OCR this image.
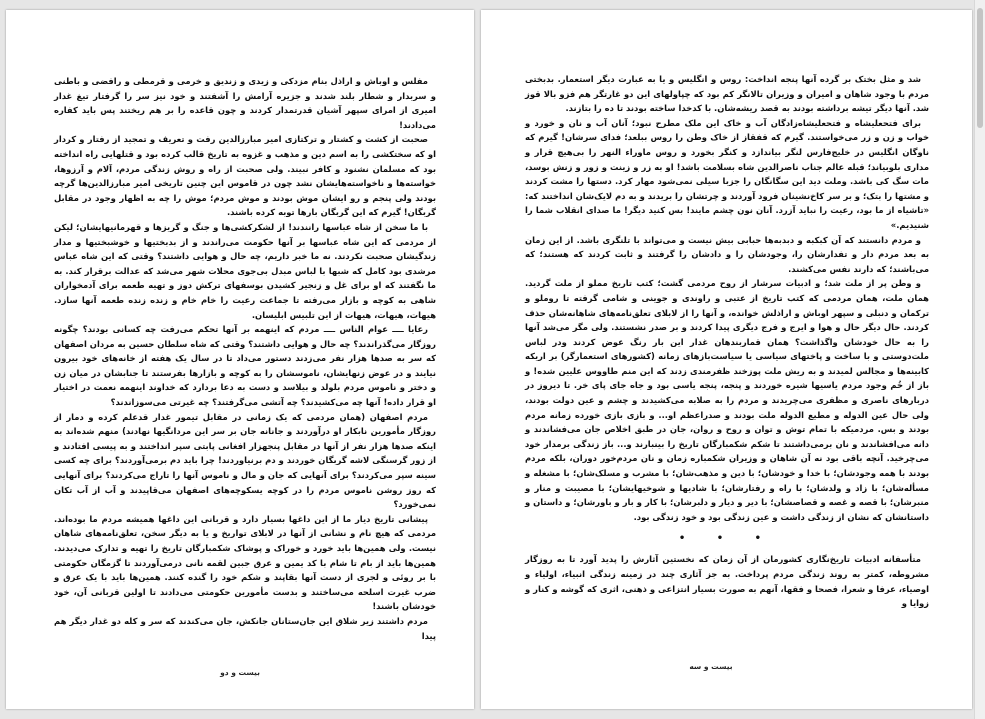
مفلس و اوباش و اراذل بنام مزدکی و زیدی و زندیق و خرمی و قرمطی و رافضی و باطنی و سربدار و شطار بلند شدند و جزیره آرامش را آشفتند و خود نیز سر را گرفتار تیغ غدار امیری از امرای سپهر آشیان قدرتمدار کردند و چون قاعده را بر هم ریختند پس باید کفاره می‌دادند!

صحبت از کشت و کشتار و ترکتازی امیر مبارزالدین رفت و تعریف و تمجید از رفتار و کردار او که سختکشی را به اسم دین و مذهب و غزوه به تاریخ قالب کرده بود و قتلهایی راه انداخته بود که مسلمان نشنود و کافر نبیند. ولی صحبت از راه و روش زندگی مردم، آلام و آرزوها، خواسته‌ها و ناخواسته‌هایشان نشد چون در قاموس این چنین تاریخی امیر مبارزالدین‌ها گرچه بودند ولی پنجم و رو ایشان موش بودند و موش مردم؛ موش را چه به اظهار وجود در مقابل گربگان! گیرم که این گربگان بارها توبه کرده باشند.

با ما سخن از شاه عباسها رانندند! از لشکرکشی‌ها و جنگ و گریزها و قهرمانیهایشان؛ لیکن از مردمی که این شاه عباسها بر آنها حکومت می‌راندند و از بدبختیها و خوشبختیها و مدار زندگیشان صحبت نکردند. نه ما خبر داریم، چه حال و هوایی داشتند؟ وقتی که این شاه عباس مرشدی بود کامل که شبها با لباس مبدل بی‌جوی محلات شهر می‌شد که عدالت برقرار کند. به ما نگفتند که او برای غل و زنجیر کشیدن بوسفهای ترکش دوز و تهیه طعمه برای آدمخواران شاهی به کوچه و بازار می‌رفته تا جماعت رعیت را خام خام و زنده زنده طعمه آنها سازد. هیهات، هیهات، هیهات از این تلبیس ابلیسان.

رعایا ــــ عوام الناس ــــ مردم که اینهمه بر آنها تحکم می‌رفت چه کسانی بودند؟ چگونه روزگار می‌گذراندند؟ چه حال و هوایی داشتند؟ وقتی که شاه سلطان حسین به مردان اصفهان که سر به صدها هزار نفر می‌زدند دستور می‌داد تا در سال یک هفته از خانه‌های خود بیرون نیایند و در عوض زنهایشان، ناموسشان را به کوچه و بازارها بفرستند تا جنابشان در میان زن و دختر و ناموس مردم بلولد و بیلاسد و دست به دعا بردارد که خداوند اینهمه نعمت در اختیار او قرار داده! آنها چه می‌کشیدند؟ چه آتشی می‌گرفتند؟ چه غیرتی می‌سوزاندند؟

مردم اصفهان (همان مردمی که یک زمانی در مقابل تیمور غدار قدعلم کرده و دمار از روزگار مأمورین نابکار او درآوردند و جانانه جان بر سر این مردانگیها نهادند) منهم شده‌اند به اینکه صدها هزار نفر از آنها در مقابل پنجهزار افغانی پابتی سپر انداختند و به پیسی افتادند و از زور گرسنگی لاشه گربگان خوردند و دم برنیاوردند! چرا باید دم برمی‌آوردند؟ برای چه کسی سینه سپر می‌کردند؟ برای آنهایی که جان و مال و ناموس آنها را تاراج می‌کردند؟ برای آنهایی که روز روشن ناموس مردم را در کوچه یسکوچه‌های اصفهان می‌قاپیدند و آب از آب تکان نمی‌خورد؟

پیشانی تاریخ دیار ما از این داغها بسیار دارد و قربانی این داغها همیشه مردم ما بوده‌اند. مردمی که هیچ نام و نشانی از آنها در لابلای تواریخ و یا به دیگر سخن، تعلق‌نامه‌های شاهان نیست. ولی همین‌ها باید خورد و خوراک و پوشاک شکمبارگان تاریخ را تهیه و تدارک می‌دیدند. همین‌ها باید از بام تا شام با کد یمین و عرق جبین لقمه نانی درمی‌آوردند تا گزمگان حکومتی با بر روئی و لجری از دست آنها بقاپند و شکم خود را گنده کنند. همین‌ها باید با یک عرق و ضرب غیرت اسلحه می‌ساختند و بدست مأمورین حکومتی می‌دادند تا اولین قربانی آن، خود خودشان باشند!

مردم داشتند زیر شلاق این جان‌ستانان جانکش، جان می‌کندند که سر و کله دو غدار دیگر هم پیدا

بیست و دو

شد و مثل بختک بر گرده آنها پنجه انداخت: روس و انگلیس و یا به عبارت دیگر استعمار. بدبختی مردم با وجود شاهان و امیران و وزیران تالانگر کم بود که چپاولهای این دو غارتگر هم فزو بالا قوز شد. آنها دیگر تیشه برداشته بودند به قصد ریشه‌شان. با کدخدا ساخته بودند تا ده را بتازند.

برای فتحعلیشاه و فتحعلیشاه‌زادگان آب و خاک این ملک مطرح نبود؛ آنان آب و نان و خورد و خواب و زن و زر می‌خواستند. گیرم که قفقاز از خاک وطن را روس ببلعد؛ فدای سرشان! گیرم که ناوگان انگلیس در خلیج‌فارس لنگر بیاندازد و کنگر بخورد و روس ماوراء النهر را بی‌هیچ قرار و مداری بلوبیاند؛ قبله عالم جناب ناصرالدین شاه بسلامت باشد! او به زر و زینت و زور و زنش بوسد، مات سگ کی باشد. وملت دید این سگانگان را جزبا سیلی نمی‌شود مهار کرد. دستها را مشت کردند و مشتها را بتک؛ و بر سر کاخ‌نشینان فرود آوردند و چرتشان را بریدند و به دم لایک‌شان انداختند که: «تاشیاه از ما بود، رعیت را نباید آزرد. آنان نون چشم مایند! بس کنید دیگر! ما صدای انقلاب شما را شنیدیم.»

و مردم دانستند که آن کبکبه و دبدبه‌ها حبابی بیش نیست و می‌تواند با تلنگری باشد. از این زمان به بعد مردم دار و تفدارشان را، وجودشان را و دادشان را گرفتند و ثابت کردند که هستند؛ که می‌باشند؛ که دارند نفس می‌کشند.

و وطن پر از ملت شد؛ و ادبیات سرشار از روح مردمی گشت؛ کتب تاریخ مملو از ملت گردید. همان ملت، همان مردمی که کتب تاریخ از عتبی و راوندی و جوینی و شامی گرفته تا روملو و ترکمان و دنبلی و سپهر اوباش و اراذلش خوانده، و آنها را از لابلای تعلق‌نامه‌های شاهانه‌شان حذف کردند. حال دیگر حال و هوا و ایرج و فرج دیگری پیدا کردند و بر صدر نشستند. ولی مگر می‌شد آنها را به حال خودشان واگذاشت؟ همان قماربندهان غدار این بار رنگ عوض کردند ودر لباس ملت‌دوستی و با ساخت و پاختهای سیاسی یا سیاست‌بازهای زمانه (کشورهای استعمارگر) بر اریکه کابینه‌ها و مجالس لمیدند و به ریش ملت پوزخند ظفرمندی زدند که این منم طاووس علیین شده! و باز از خُم وجود مردم یاسیها شیره خوردند و پنجه، پنجه یاسی بود و جاه جای پای خر. تا دیروز در دربارهای ناصری و مظفری می‌چریدند و مردم را به صلابه می‌کشیدند و چشم و عین دولت بودند، ولی حال عین الدوله و مطیع الدوله ملت بودند و صدراعظم او... و بازی بازی خورده زمانه مردم بودند و بس. مردمیکه با تمام توش و توان و روح و روان، جان در طبق اخلاص جان می‌فشاندند و دانه می‌افشاندند و نان برمی‌داشتند تا شکم شکمبارگان تاریخ را بینبارند و... باز زندگی برمدار خود می‌چرخید. آنچه باقی بود نه آن شاهان و وزیران شکمباره زمان و نان مردم‌خور دوران، بلکه مردم بودند با همه وجودشان؛ با خدا و خودشان؛ با دین و مذهب‌شان؛ با مشرب و مسلک‌شان؛ با مشغله و مسأله‌شان؛ با زاد و ولدشان؛ با راه و رفتارشان؛ با شادیها و شوخیهایشان؛ با مصیبت و منار و منبرشان؛ با قصه و غصه و قصاصشان؛ با دیر و دیار و دلبرشان؛ با کار و بار و باورشان؛ و داستان و داستانشان که نشان از زندگی داشت و عین زندگی بود و خود زندگی بود.

• • •

متأسفانه ادبیات تاریخ‌نگاری کشورمان از آن زمان که نخستین آثارش را پدید آورد تا به روزگار مشروطه، کمتر به روند زندگی مردم پرداخت. به جز آثاری چند در زمینه زندگی انبیاء، اولیاء و اوصیاء، عرفا و شعرا، فصحا و فقها، آنهم به صورت بسیار انتزاعی و ذهنی، اثری که گوشه و کنار و زوایا و

بیست و سه
